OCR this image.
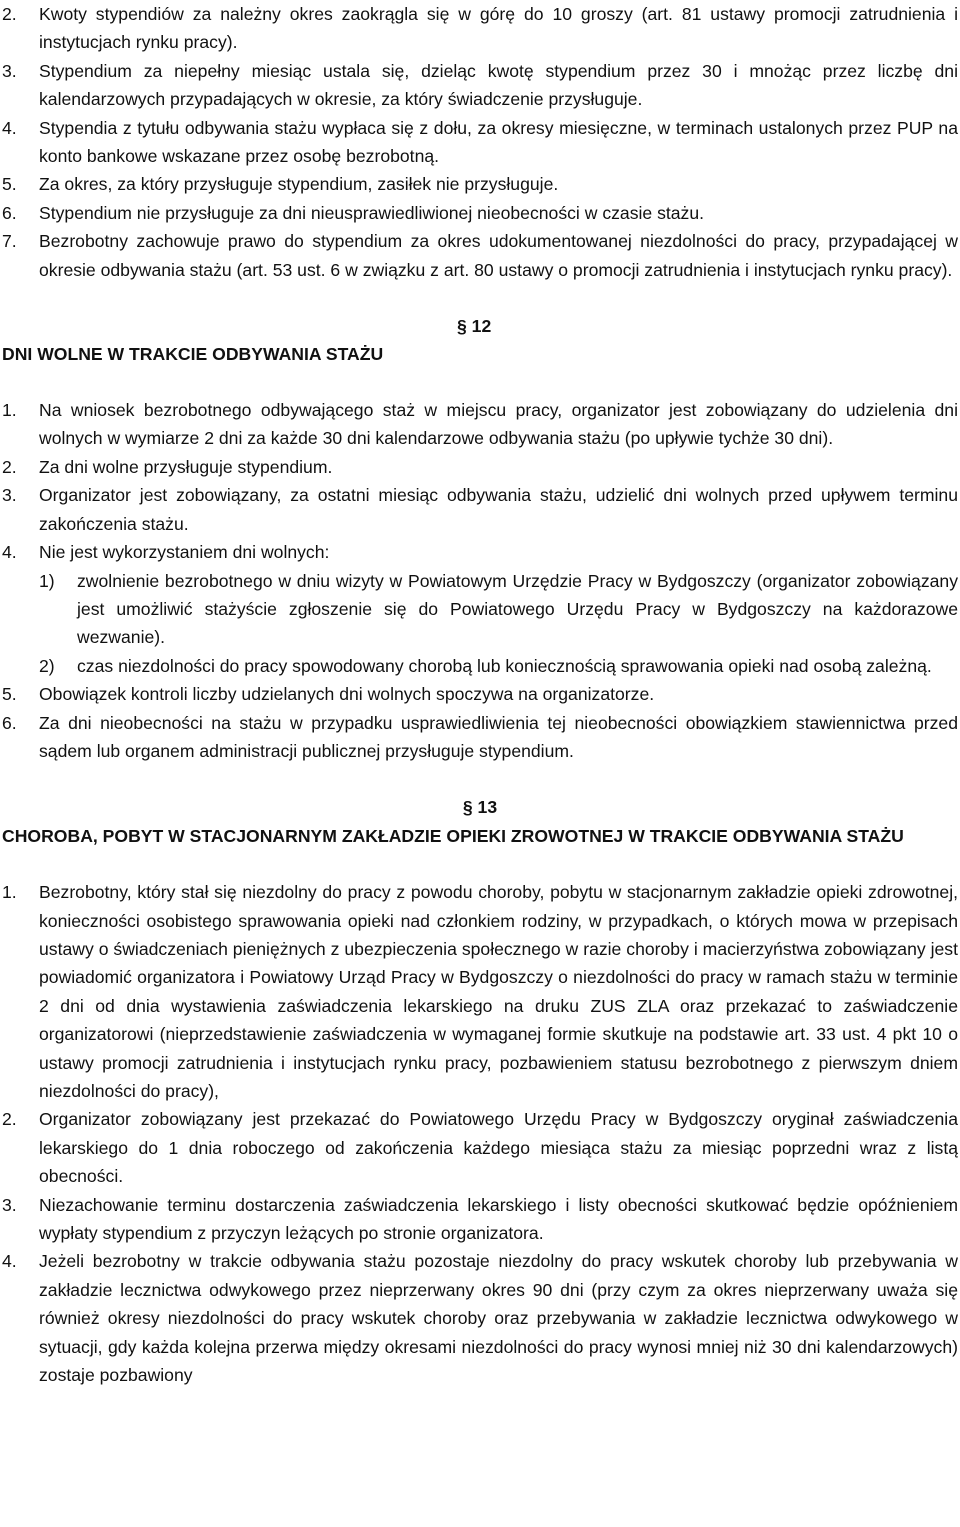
2.	Kwoty stypendiów za należny okres zaokrągla się w górę do 10 groszy (art. 81 ustawy promocji zatrudnienia i instytucjach rynku pracy).
3.	Stypendium za niepełny miesiąc ustala się, dzieląc kwotę stypendium przez 30 i mnożąc przez liczbę dni kalendarzowych przypadających w okresie, za który świadczenie przysługuje.
4.	Stypendia z tytułu odbywania stażu wypłaca się z dołu, za okresy miesięczne, w terminach ustalonych przez PUP na konto bankowe wskazane przez osobę bezrobotną.
5.	Za okres, za który przysługuje stypendium, zasiłek nie przysługuje.
6.	Stypendium nie przysługuje za dni nieusprawiedliwionej nieobecności w czasie stażu.
7.	Bezrobotny zachowuje prawo do stypendium za okres udokumentowanej niezdolności do pracy, przypadającej w okresie odbywania stażu (art. 53 ust. 6 w związku z art. 80 ustawy o promocji zatrudnienia i instytucjach rynku pracy).
DNI WOLNE W TRAKCIE ODBYWANIA STAŻU
§ 12
1.	Na wniosek bezrobotnego odbywającego staż w miejscu pracy, organizator jest zobowiązany do udzielenia dni wolnych w wymiarze 2 dni za każde 30 dni kalendarzowe odbywania stażu (po upływie tychże 30 dni).
2.	Za dni wolne przysługuje stypendium.
3.	Organizator jest zobowiązany, za ostatni miesiąc odbywania stażu, udzielić dni wolnych przed upływem terminu zakończenia stażu.
4.	Nie jest wykorzystaniem dni wolnych:
1)	zwolnienie bezrobotnego w dniu wizyty w Powiatowym Urzędzie Pracy w Bydgoszczy (organizator zobowiązany jest umożliwić stażyście zgłoszenie się do Powiatowego Urzędu Pracy w Bydgoszczy na każdorazowe wezwanie).
2)	czas niezdolności do pracy spowodowany chorobą lub koniecznością sprawowania opieki nad osobą zależną.
5.	Obowiązek kontroli liczby udzielanych dni wolnych spoczywa na organizatorze.
6.	Za dni nieobecności na stażu w przypadku usprawiedliwienia tej nieobecności obowiązkiem stawiennictwa przed sądem lub organem administracji publicznej przysługuje stypendium.
§ 13
CHOROBA, POBYT W STACJONARNYM ZAKŁADZIE OPIEKI ZROWOTNEJ W TRAKCIE ODBYWANIA STAŻU
1.	Bezrobotny, który stał się niezdolny do pracy z powodu choroby, pobytu w stacjonarnym zakładzie opieki zdrowotnej, konieczności osobistego sprawowania opieki nad członkiem rodziny, w przypadkach, o których mowa w przepisach ustawy o świadczeniach pieniężnych z ubezpieczenia społecznego w razie choroby i macierzyństwa zobowiązany jest powiadomić organizatora i Powiatowy Urząd Pracy w Bydgoszczy o niezdolności do pracy w ramach stażu w terminie 2 dni od dnia wystawienia zaświadczenia lekarskiego na druku ZUS ZLA oraz przekazać to zaświadczenie organizatorowi (nieprzedstawienie zaświadczenia w wymaganej formie skutkuje na podstawie art. 33 ust. 4 pkt 10 o ustawy promocji zatrudnienia i instytucjach rynku pracy, pozbawieniem statusu bezrobotnego z pierwszym dniem niezdolności do pracy),
2.	Organizator zobowiązany jest przekazać do Powiatowego Urzędu Pracy w Bydgoszczy oryginał zaświadczenia lekarskiego do 1 dnia roboczego od zakończenia każdego miesiąca stażu za miesiąc poprzedni wraz z listą obecności.
3.	Niezachowanie terminu dostarczenia zaświadczenia lekarskiego i listy obecności skutkować będzie opóźnieniem wypłaty stypendium z przyczyn leżących po stronie organizatora.
4.	Jeżeli bezrobotny w trakcie odbywania stażu pozostaje niezdolny do pracy wskutek choroby lub przebywania w zakładzie lecznictwa odwykowego przez nieprzerwany okres 90 dni (przy czym za okres nieprzerwany uważa się również okresy niezdolności do pracy wskutek choroby oraz przebywania w zakładzie lecznictwa odwykowego w sytuacji, gdy każda kolejna przerwa między okresami niezdolności do pracy wynosi mniej niż 30 dni kalendarzowych) zostaje pozbawiony
